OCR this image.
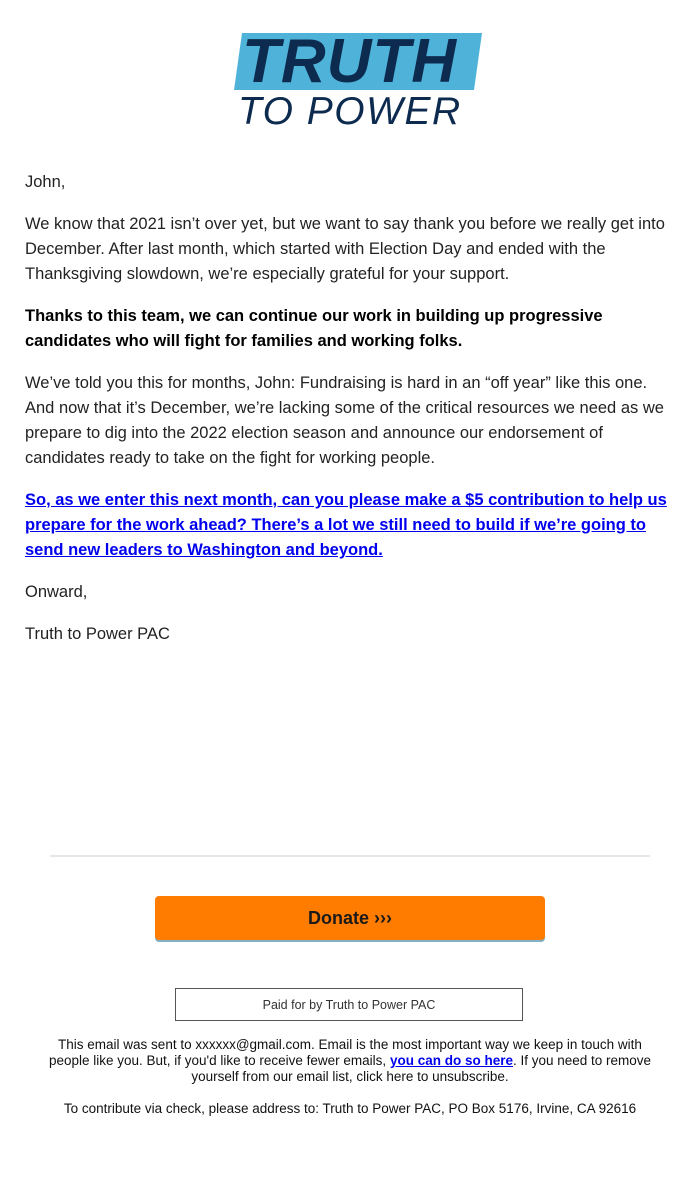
TRUTH
TO POWER

John,

We know that 2021 isn’t over yet, but we want to say thank you before we really get into December. After last month, which started with Election Day and ended with the Thanksgiving slowdown, we’re especially grateful for your support.

Thanks to this team, we can continue our work in building up progressive candidates who will fight for families and working folks.

We’ve told you this for months, John: Fundraising is hard in an “off year” like this one. And now that it’s December, we’re lacking some of the critical resources we need as we prepare to dig into the 2022 election season and announce our endorsement of candidates ready to take on the fight for working people.

So, as we enter this next month, can you please make a $5 contribution to help us prepare for the work ahead? There’s a lot we still need to build if we’re going to send new leaders to Washington and beyond.

Onward,

Truth to Power PAC

Donate ›››
Paid for by Truth to Power PAC
This email was sent to xxxxxx@gmail.com. Email is the most important way we keep in touch with people like you. But, if you'd like to receive fewer emails, you can do so here. If you need to remove yourself from our email list, click here to unsubscribe.
To contribute via check, please address to: Truth to Power PAC, PO Box 5176, Irvine, CA 92616
